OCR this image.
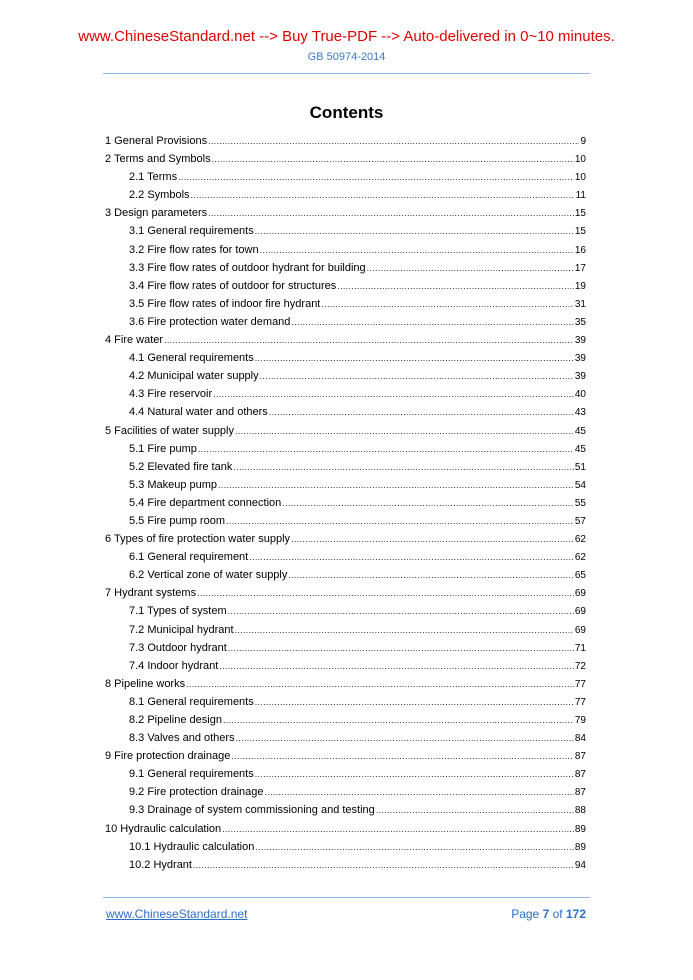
www.ChineseStandard.net --> Buy True-PDF --> Auto-delivered in 0~10 minutes.
GB 50974-2014
Contents
1 General Provisions .....	9
2 Terms and Symbols .....	10
2.1 Terms .....	10
2.2 Symbols .....	11
3 Design parameters .....	15
3.1 General requirements .....	15
3.2 Fire flow rates for town .....	16
3.3 Fire flow rates of outdoor hydrant for building .....	17
3.4 Fire flow rates of outdoor for structures .....	19
3.5 Fire flow rates of indoor fire hydrant .....	31
3.6 Fire protection water demand .....	35
4 Fire water .....	39
4.1 General requirements .....	39
4.2 Municipal water supply .....	39
4.3 Fire reservoir .....	40
4.4 Natural water and others .....	43
5 Facilities of water supply .....	45
5.1 Fire pump .....	45
5.2 Elevated fire tank .....	51
5.3 Makeup pump .....	54
5.4 Fire department connection .....	55
5.5 Fire pump room .....	57
6 Types of fire protection water supply .....	62
6.1 General requirement .....	62
6.2 Vertical zone of water supply .....	65
7 Hydrant systems .....	69
7.1 Types of system .....	69
7.2 Municipal hydrant .....	69
7.3 Outdoor hydrant .....	71
7.4 Indoor hydrant .....	72
8 Pipeline works .....	77
8.1 General requirements .....	77
8.2 Pipeline design .....	79
8.3 Valves and others .....	84
9 Fire protection drainage .....	87
9.1 General requirements .....	87
9.2 Fire protection drainage .....	87
9.3 Drainage of system commissioning and testing .....	88
10 Hydraulic calculation .....	89
10.1 Hydraulic calculation .....	89
10.2 Hydrant .....	94
www.ChineseStandard.net	Page 7 of 172
